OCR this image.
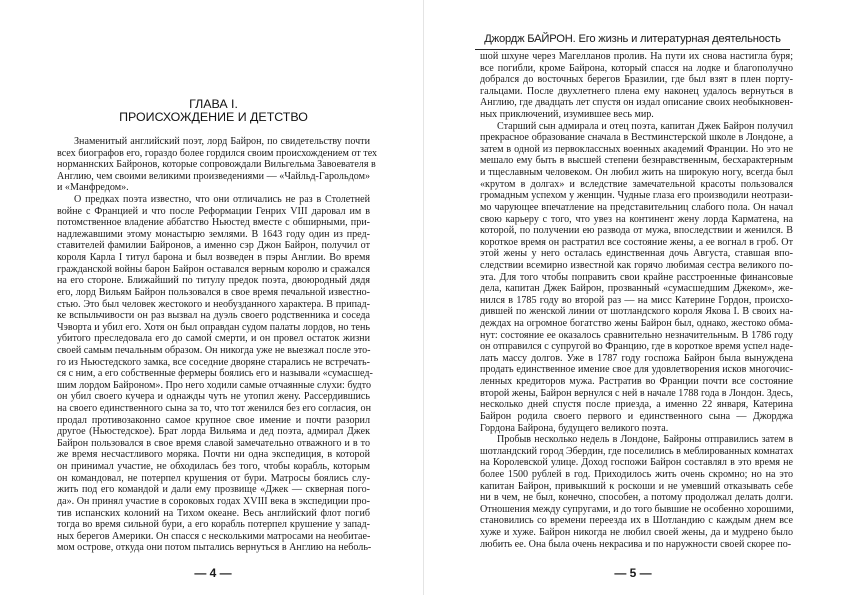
ГЛАВА I.
ПРОИСХОЖДЕНИЕ И ДЕТСТВО
Знаменитый английский поэт, лорд Байрон, по свидетельству почти
всех биографов его, гораздо более гордился своим происхождением от тех
норманнских Байронов, которые сопровождали Вильгельма Завоевателя в
Англию, чем своими великими произведениями — «Чайльд-Гарольдом»
и «Манфредом».
О предках поэта известно, что они отличались не раз в Столетней
войне с Францией и что после Реформации Генрих VIII даровал им в
потомственное владение аббатство Ньюстед вместе с обширными, при-
надлежавшими этому монастырю землями. В 1643 году один из пред-
ставителей фамилии Байронов, а именно сэр Джон Байрон, получил от
короля Карла I титул барона и был возведен в пэры Англии. Во время
гражданской войны барон Байрон оставался верным королю и сражался
на его стороне. Ближайший по титулу предок поэта, двоюродный дядя
его, лорд Вильям Байрон пользовался в свое время печальной известно-
стью. Это был человек жестокого и необузданного характера. В припад-
ке вспыльчивости он раз вызвал на дуэль своего родственника и соседа
Чэворта и убил его. Хотя он был оправдан судом палаты лордов, но тень
убитого преследовала его до самой смерти, и он провел остаток жизни
своей самым печальным образом. Он никогда уже не выезжал после это-
го из Ньюстедского замка, все соседние дворяне старались не встречать-
ся с ним, а его собственные фермеры боялись его и называли «сумасшед-
шим лордом Байроном». Про него ходили самые отчаянные слухи: будто
он убил своего кучера и однажды чуть не утопил жену. Рассердившись
на своего единственного сына за то, что тот женился без его согласия, он
продал противозаконно самое крупное свое имение и почти разорил
другое (Ньюстедское). Брат лорда Вильяма и дед поэта, адмирал Джек
Байрон пользовался в свое время славой замечательно отважного и в то
же время несчастливого моряка. Почти ни одна экспедиция, в которой
он принимал участие, не обходилась без того, чтобы корабль, которым
он командовал, не потерпел крушения от бури. Матросы боялись слу-
жить под его командой и дали ему прозвище «Джек — скверная пого-
да». Он принял участие в сороковых годах XVIII века в экспедиции про-
тив испанских колоний на Тихом океане. Весь английский флот погиб
тогда во время сильной бури, а его корабль потерпел крушение у запад-
ных берегов Америки. Он спасся с несколькими матросами на необитае-
мом острове, откуда они потом пытались вернуться в Англию на неболь-
— 4 —
Джордж БАЙРОН. Его жизнь и литературная деятельность
шой шхуне через Магелланов пролив. На пути их снова настигла буря;
все погибли, кроме Байрона, который спасся на лодке и благополучно
добрался до восточных берегов Бразилии, где был взят в плен порту-
гальцами. После двухлетнего плена ему наконец удалось вернуться в
Англию, где двадцать лет спустя он издал описание своих необыкновен-
ных приключений, изумившее весь мир.
Старший сын адмирала и отец поэта, капитан Джек Байрон получил
прекрасное образование сначала в Вестминстерской школе в Лондоне, а
затем в одной из первоклассных военных академий Франции. Но это не
мешало ему быть в высшей степени безнравственным, бесхарактерным
и тщеславным человеком. Он любил жить на широкую ногу, всегда был
«крутом в долгах» и вследствие замечательной красоты пользовался
громадным успехом у женщин. Чудные глаза его производили неотрази-
мо чарующее впечатление на представительниц слабого пола. Он начал
свою карьеру с того, что увез на континент жену лорда Карматена, на
которой, по получении ею развода от мужа, впоследствии и женился. В
короткое время он растратил все состояние жены, а ее вогнал в гроб. От
этой жены у него осталась единственная дочь Августа, ставшая впо-
следствии всемирно известной как горячо любимая сестра великого по-
эта. Для того чтобы поправить свои крайне расстроенные финансовые
дела, капитан Джек Байрон, прозванный «сумасшедшим Джеком», же-
нился в 1785 году во второй раз — на мисс Катерине Гордон, происхо-
дившей по женской линии от шотландского короля Якова I. В своих на-
деждах на огромное богатство жены Байрон был, однако, жестоко обма-
нут: состояние ее оказалось сравнительно незначительным. В 1786 году
он отправился с супругой во Францию, где в короткое время успел наде-
лать массу долгов. Уже в 1787 году госпожа Байрон была вынуждена
продать единственное имение свое для удовлетворения исков многочис-
ленных кредиторов мужа. Растратив во Франции почти все состояние
второй жены, Байрон вернулся с ней в начале 1788 года в Лондон. Здесь,
несколько дней спустя после приезда, а именно 22 января, Катерина
Байрон родила своего первого и единственного сына — Джорджа
Гордона Байрона, будущего великого поэта.
Пробыв несколько недель в Лондоне, Байроны отправились затем в
шотландский город Эбердин, где поселились в меблированных комнатах
на Королевской улице. Доход госпожи Байрон составлял в это время не
более 1500 рублей в год. Приходилось жить очень скромно; но на это
капитан Байрон, привыкший к роскоши и не умевший отказывать себе
ни в чем, не был, конечно, способен, а потому продолжал делать долги.
Отношения между супругами, и до того бывшие не особенно хорошими,
становились со времени переезда их в Шотландию с каждым днем все
хуже и хуже. Байрон никогда не любил своей жены, да и мудрено было
любить ее. Она была очень некрасива и по наружности своей скорее по-
— 5 —
